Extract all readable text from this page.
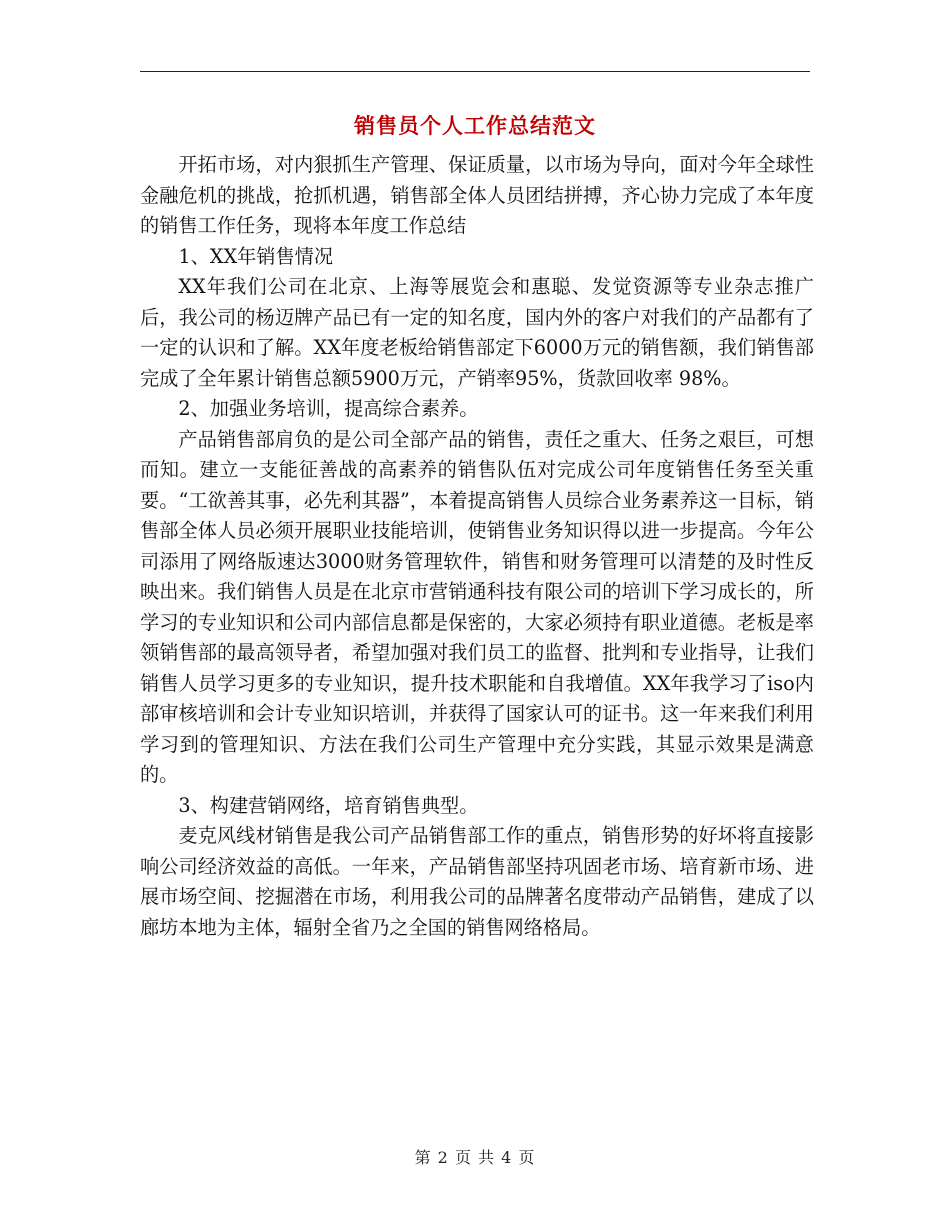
销售员个人工作总结范文

开拓市场，对内狠抓生产管理、保证质量，以市场为导向，面对今年全球性金融危机的挑战，抢抓机遇，销售部全体人员团结拼搏，齐心协力完成了本年度的销售工作任务，现将本年度工作总结

1、XX年销售情况

XX年我们公司在北京、上海等展览会和惠聪、发觉资源等专业杂志推广后，我公司的杨迈牌产品已有一定的知名度，国内外的客户对我们的产品都有了一定的认识和了解。XX年度老板给销售部定下6000万元的销售额，我们销售部完成了全年累计销售总额5900万元，产销率95%，货款回收率 98%。

2、加强业务培训，提高综合素养。

产品销售部肩负的是公司全部产品的销售，责任之重大、任务之艰巨，可想而知。建立一支能征善战的高素养的销售队伍对完成公司年度销售任务至关重要。“工欲善其事，必先利其器”，本着提高销售人员综合业务素养这一目标，销售部全体人员必须开展职业技能培训，使销售业务知识得以进一步提高。今年公司添用了网络版速达3000财务管理软件，销售和财务管理可以清楚的及时性反映出来。我们销售人员是在北京市营销通科技有限公司的培训下学习成长的，所学习的专业知识和公司内部信息都是保密的，大家必须持有职业道德。老板是率领销售部的最高领导者，希望加强对我们员工的监督、批判和专业指导，让我们销售人员学习更多的专业知识，提升技术职能和自我增值。XX年我学习了iso内部审核培训和会计专业知识培训，并获得了国家认可的证书。这一年来我们利用学习到的管理知识、方法在我们公司生产管理中充分实践，其显示效果是满意的。

3、构建营销网络，培育销售典型。

麦克风线材销售是我公司产品销售部工作的重点，销售形势的好坏将直接影响公司经济效益的高低。一年来，产品销售部坚持巩固老市场、培育新市场、进展市场空间、挖掘潜在市场，利用我公司的品牌著名度带动产品销售，建成了以廊坊本地为主体，辐射全省乃之全国的销售网络格局。

第 2 页 共 4 页
